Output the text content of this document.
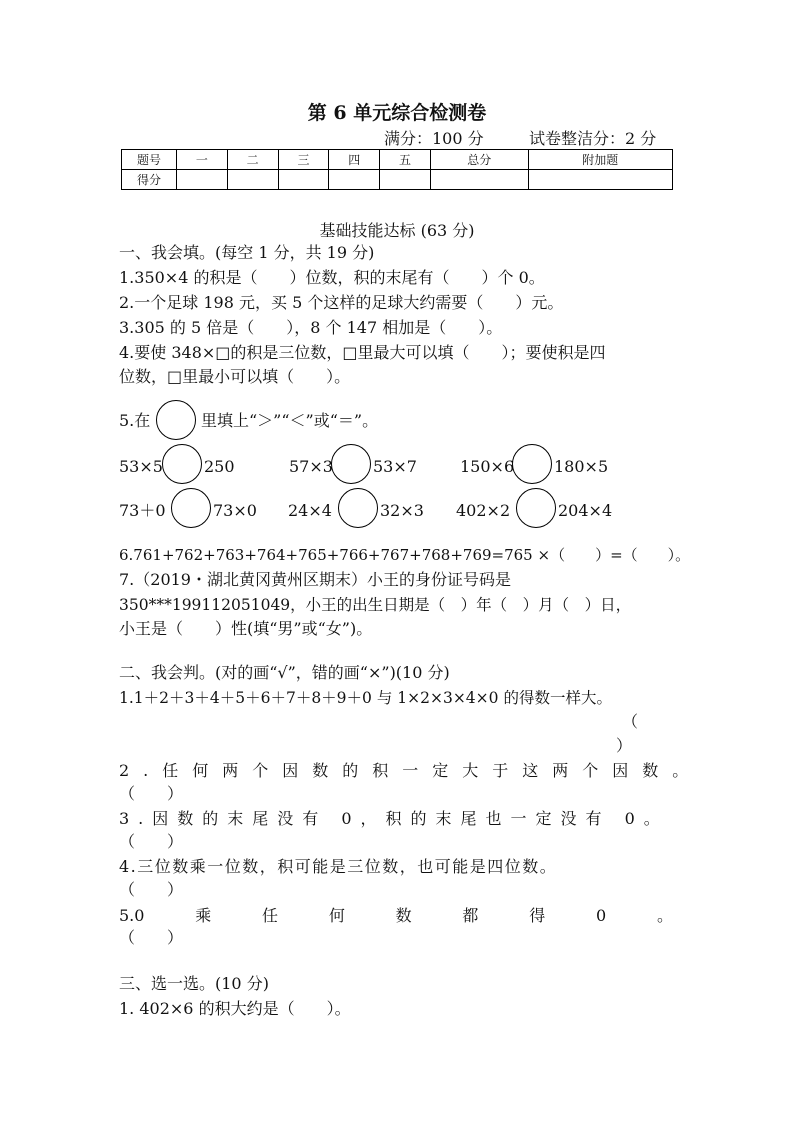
第 6 单元综合检测卷
满分：100 分	试卷整洁分：2 分
题号	一	二	三	四	五	总分	附加题
得分							
基础技能达标 (63 分)
一、我会填。(每空 1 分，共 19 分)
1.350×4 的积是（　　）位数，积的末尾有（　　）个 0。
2.一个足球 198 元，买 5 个这样的足球大约需要（　　）元。
3.305 的 5 倍是（　　），8 个 147 相加是（　　）。
4.要使 348×□的积是三位数，□里最大可以填（　　）；要使积是四
位数，□里最小可以填（　　）。
5.在	里填上“＞”“＜”或“＝”。
53×5	250	57×3	53×7	150×6 180×5
73＋0	73×0 24×4	32×3 402×2	204×4
6.761+762+763+764+765+766+767+768+769=765 ×（　　）=（　　）。
7.（2019・湖北黄冈黄州区期末）小王的身份证号码是
350***199112051049，小王的出生日期是（　）年（　）月（　）日，
小王是（　　）性(填“男”或“女”)。
二、我会判。(对的画“√”，错的画“×”)(10 分)
1.1＋2＋3＋4＋5＋6＋7＋8＋9＋0 与 1×2×3×4×0 的得数一样大。
（
）
2.任何两个因数的积一定大于这两个因数。
（　　）
3.因数的末尾没有 0，积的末尾也一定没有 0。
（　　）
4.三位数乘一位数，积可能是三位数，也可能是四位数。
（　　）
5.0	乘	任	何	数	都	得	0	。
（　　）
三、选一选。(10 分)
1. 402×6 的积大约是（　　）。
